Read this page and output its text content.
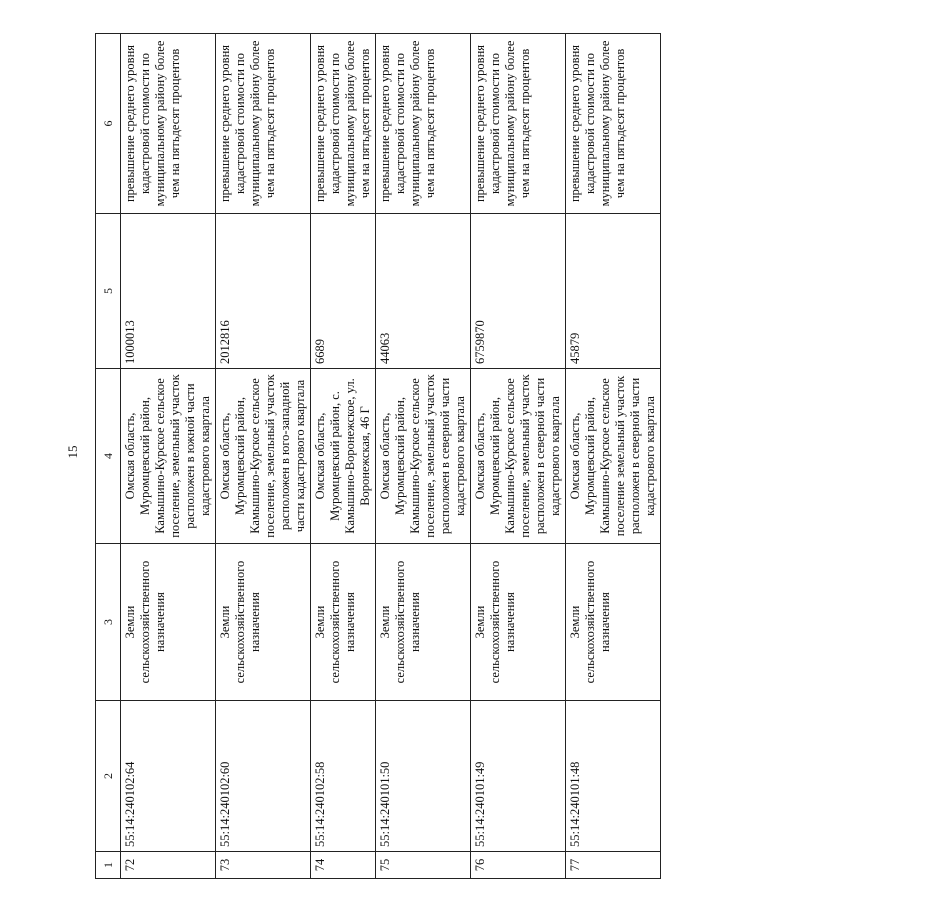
15
1	2	3	4	5	6
72	55:14:240102:64	Земли сельскохозяйственного назначения	Омская область, Муромцевский район, Камышино-Курское сельское поселение, земельный участок расположен в южной части кадастрового квартала	1000013	превышение среднего уровня кадастровой стоимости по муниципальному району более чем на пятьдесят процентов
73	55:14:240102:60	Земли сельскохозяйственного назначения	Омская область, Муромцевский район, Камышино-Курское сельское поселение, земельный участок расположен в юго-западной части кадастрового квартала	2012816	превышение среднего уровня кадастровой стоимости по муниципальному району более чем на пятьдесят процентов
74	55:14:240102:58	Земли сельскохозяйственного назначения	Омская область, Муромцевский район, с. Камышино-Воронежское, ул. Воронежская, 46 Г	6689	превышение среднего уровня кадастровой стоимости по муниципальному району более чем на пятьдесят процентов
75	55:14:240101:50	Земли сельскохозяйственного назначения	Омская область, Муромцевский район, Камышино-Курское сельское поселение, земельный участок расположен в северной части кадастрового квартала	44063	превышение среднего уровня кадастровой стоимости по муниципальному району более чем на пятьдесят процентов
76	55:14:240101:49	Земли сельскохозяйственного назначения	Омская область, Муромцевский район, Камышино-Курское сельское поселение, земельный участок расположен в северной части кадастрового квартала	6759870	превышение среднего уровня кадастровой стоимости по муниципальному району более чем на пятьдесят процентов
77	55:14:240101:48	Земли сельскохозяйственного назначения	Омская область, Муромцевский район, Камышино-Курское сельское поселение земельный участок расположен в северной части кадастрового квартала	45879	превышение среднего уровня кадастровой стоимости по муниципальному району более чем на пятьдесят процентов
